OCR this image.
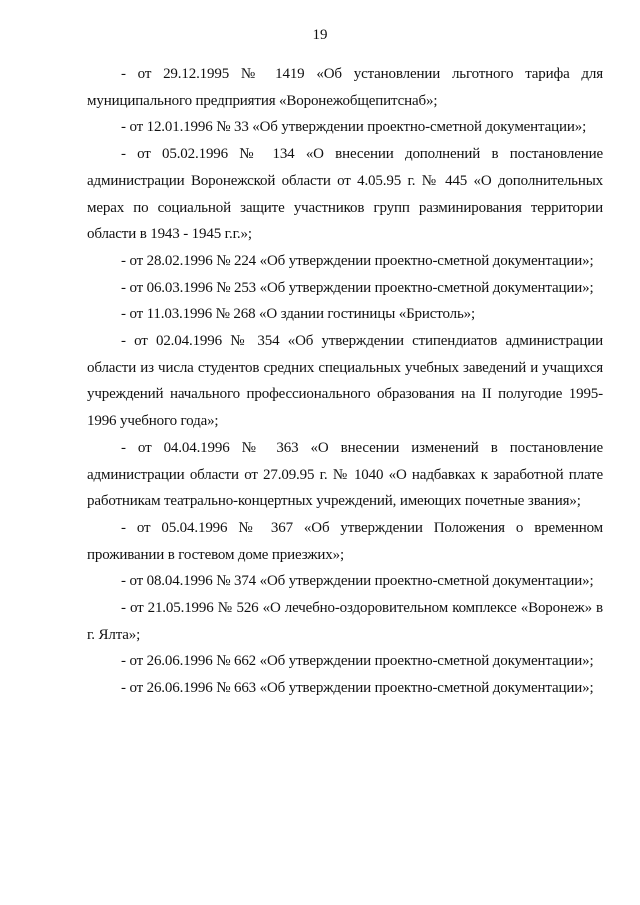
19

- от 29.12.1995 № 1419 «Об установлении льготного тарифа для муниципального предприятия «Воронежобщепитснаб»;

- от 12.01.1996 № 33 «Об утверждении проектно-сметной документации»;

- от 05.02.1996 № 134 «О внесении дополнений в постановление администрации Воронежской области от 4.05.95 г. № 445 «О дополнительных мерах по социальной защите участников групп разминирования территории области в 1943 - 1945 г.г.»;

- от 28.02.1996 № 224 «Об утверждении проектно-сметной документации»;

- от 06.03.1996 № 253 «Об утверждении проектно-сметной документации»;

- от 11.03.1996 № 268 «О здании гостиницы «Бристоль»;

- от 02.04.1996 № 354 «Об утверждении стипендиатов администрации области из числа студентов средних специальных учебных заведений и учащихся учреждений начального профессионального образования на II полугодие 1995-1996 учебного года»;

- от 04.04.1996 № 363 «О внесении изменений в постановление администрации области от 27.09.95 г. № 1040 «О надбавках к заработной плате работникам театрально-концертных учреждений, имеющих почетные звания»;

- от 05.04.1996 № 367 «Об утверждении Положения о временном проживании в гостевом доме приезжих»;

- от 08.04.1996 № 374 «Об утверждении проектно-сметной документации»;

- от 21.05.1996 № 526 «О лечебно-оздоровительном комплексе «Воронеж» в г. Ялта»;

- от 26.06.1996 № 662 «Об утверждении проектно-сметной документации»;

- от 26.06.1996 № 663 «Об утверждении проектно-сметной документации»;
